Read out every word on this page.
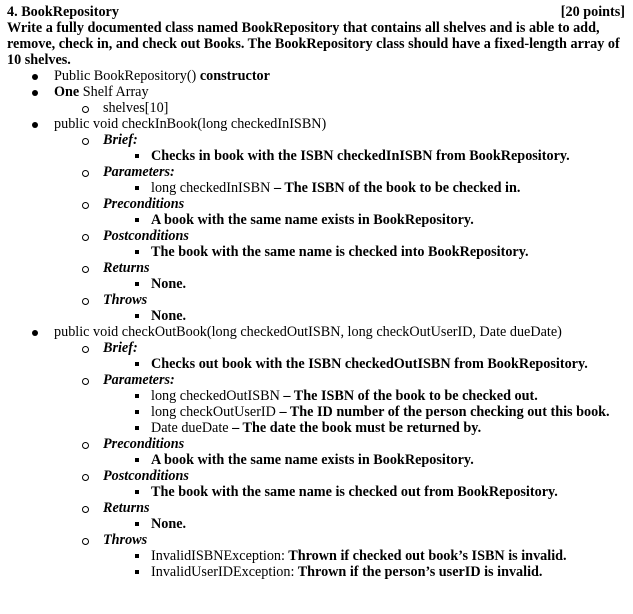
4. BookRepository	[20 points]

Write a fully documented class named BookRepository that contains all shelves and is able to add, remove, check in, and check out Books. The BookRepository class should have a fixed-length array of 10 shelves.

Public BookRepository() constructor
One Shelf Array
shelves[10]
public void checkInBook(long checkedInISBN)
Brief:
Checks in book with the ISBN checkedInISBN from BookRepository.
Parameters:
long checkedInISBN – The ISBN of the book to be checked in.
Preconditions
A book with the same name exists in BookRepository.
Postconditions
The book with the same name is checked into BookRepository.
Returns
None.
Throws
None.
public void checkOutBook(long checkedOutISBN, long checkOutUserID, Date dueDate)
Brief:
Checks out book with the ISBN checkedOutISBN from BookRepository.
Parameters:
long checkedOutISBN – The ISBN of the book to be checked out.
long checkOutUserID – The ID number of the person checking out this book.
Date dueDate – The date the book must be returned by.
Preconditions
A book with the same name exists in BookRepository.
Postconditions
The book with the same name is checked out from BookRepository.
Returns
None.
Throws
InvalidISBNException: Thrown if checked out book’s ISBN is invalid.
InvalidUserIDException: Thrown if the person’s userID is invalid.
